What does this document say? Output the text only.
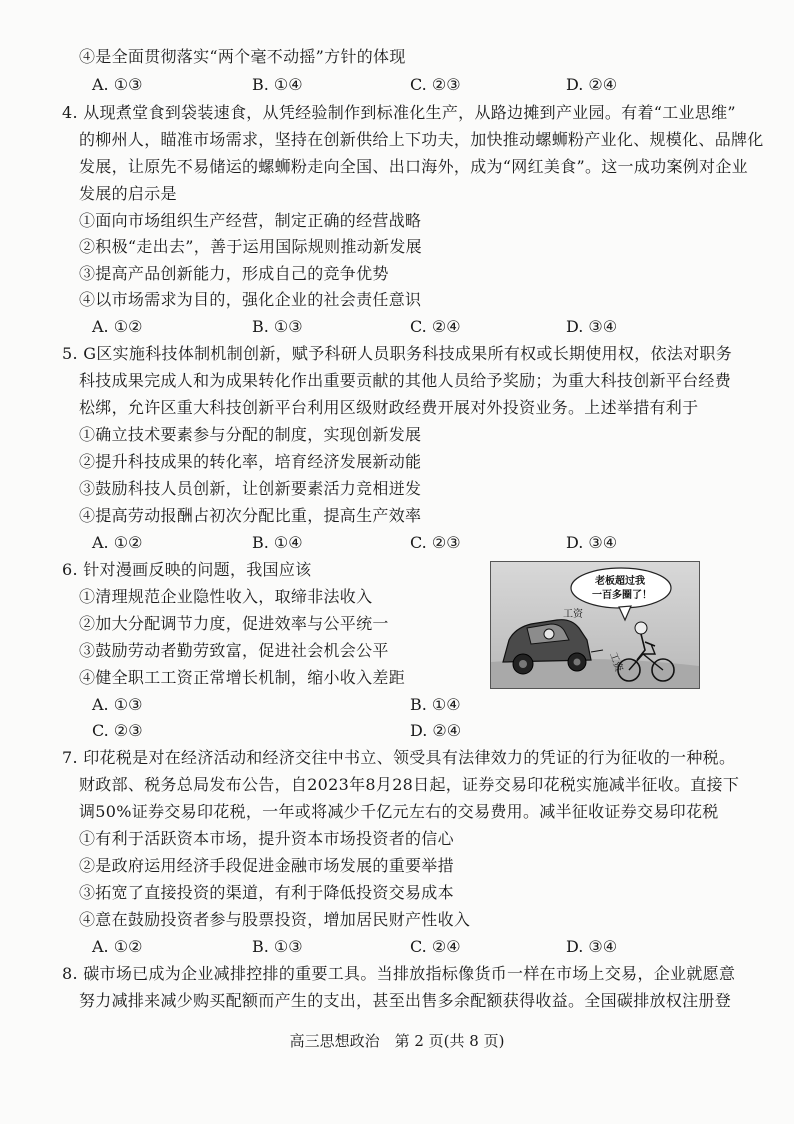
④是全面贯彻落实“两个毫不动摇”方针的体现
A. ①③	B. ①④	C. ②③	D. ②④
4. 从现煮堂食到袋装速食，从凭经验制作到标准化生产，从路边摊到产业园。有着“工业思维”
的柳州人，瞄准市场需求，坚持在创新供给上下功夫，加快推动螺蛳粉产业化、规模化、品牌化
发展，让原先不易储运的螺蛳粉走向全国、出口海外，成为“网红美食”。这一成功案例对企业
发展的启示是
①面向市场组织生产经营，制定正确的经营战略
②积极“走出去”，善于运用国际规则推动新发展
③提高产品创新能力，形成自己的竞争优势
④以市场需求为目的，强化企业的社会责任意识
A. ①②	B. ①③	C. ②④	D. ③④
5. G区实施科技体制机制创新，赋予科研人员职务科技成果所有权或长期使用权，依法对职务
科技成果完成人和为成果转化作出重要贡献的其他人员给予奖励；为重大科技创新平台经费
松绑，允许区重大科技创新平台利用区级财政经费开展对外投资业务。上述举措有利于
①确立技术要素参与分配的制度，实现创新发展
②提升科技成果的转化率，培育经济发展新动能
③鼓励科技人员创新，让创新要素活力竞相迸发
④提高劳动报酬占初次分配比重，提高生产效率
A. ①②	B. ①④	C. ②③	D. ③④
6. 针对漫画反映的问题，我国应该
①清理规范企业隐性收入，取缔非法收入
②加大分配调节力度，促进效率与公平统一
③鼓励劳动者勤劳致富，促进社会机会公平
④健全职工工资正常增长机制，缩小收入差距
A. ①③	B. ①④
C. ②③	D. ②④
老板超过我
一百多圈了！
工资
工资
7. 印花税是对在经济活动和经济交往中书立、领受具有法律效力的凭证的行为征收的一种税。
财政部、税务总局发布公告，自2023年8月28日起，证券交易印花税实施减半征收。直接下
调50%证券交易印花税，一年或将减少千亿元左右的交易费用。减半征收证券交易印花税
①有利于活跃资本市场，提升资本市场投资者的信心
②是政府运用经济手段促进金融市场发展的重要举措
③拓宽了直接投资的渠道，有利于降低投资交易成本
④意在鼓励投资者参与股票投资，增加居民财产性收入
A. ①②	B. ①③	C. ②④	D. ③④
8. 碳市场已成为企业减排控排的重要工具。当排放指标像货币一样在市场上交易，企业就愿意
努力减排来减少购买配额而产生的支出，甚至出售多余配额获得收益。全国碳排放权注册登
高三思想政治　第 2 页(共 8 页)
